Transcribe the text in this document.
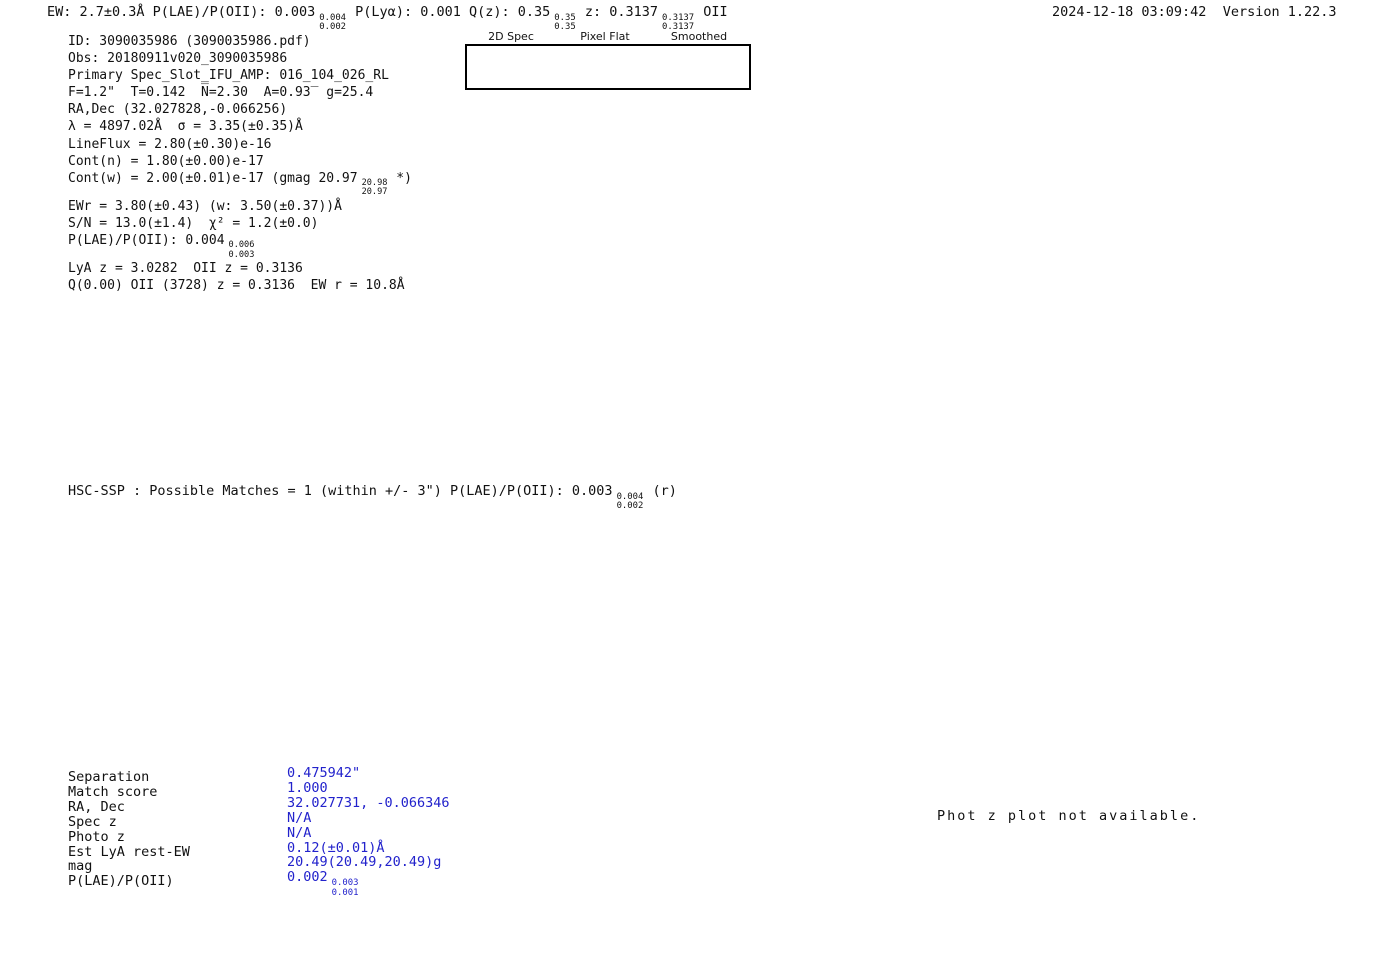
EW: 2.7±0.3Å P(LAE)/P(OII): 0.003 0.004
0.002
P(Lyα): 0.001 Q(z): 0.35 0.35
0.35
z: 0.3137 0.3137
0.3137
OII	2024-12-18 03:09:42 Version 1.22.3
ID: 3090035986 (3090035986.pdf)
Obs: 20180911v020_3090035986
Primary Spec_Slot_IFU_AMP: 016_104_026_RL
F=1.2"  T=0.142  N̅=2.30  A=0.93̅  g=25.4
RA,Dec (32.027828,-0.066256)
λ = 4897.02Å  σ = 3.35(±0.35)Å
LineFlux = 2.80(±0.30)e-16
Cont(n) = 1.80(±0.00)e-17
Cont(w) = 2.00(±0.01)e-17 (gmag 20.97 20.98
20.97
*)
EWr = 3.80(±0.43) (w: 3.50(±0.37))Å
S/N = 13.0(±1.4)  χ² = 1.2(±0.0)
P(LAE)/P(OII): 0.004 0.006
0.003
LyA z = 3.0282  OII z = 0.3136
Q(0.00) OII (3728) z = 0.3136  EW r = 10.8Å
2D Spec	Pixel Flat	Smoothed
HSC-SSP : Possible Matches = 1 (within +/- 3") P(LAE)/P(OII): 0.003 0.004
0.002
(r)
Separation	0.475942"
Match score	1.000
RA, Dec	32.027731, -0.066346
Spec z	N/A
Photo z	N/A
Est LyA rest-EW	0.12(±0.01)Å
mag	20.49(20.49,20.49)g
P(LAE)/P(OII)	0.002 0.003
0.001
Phot z plot not available.
